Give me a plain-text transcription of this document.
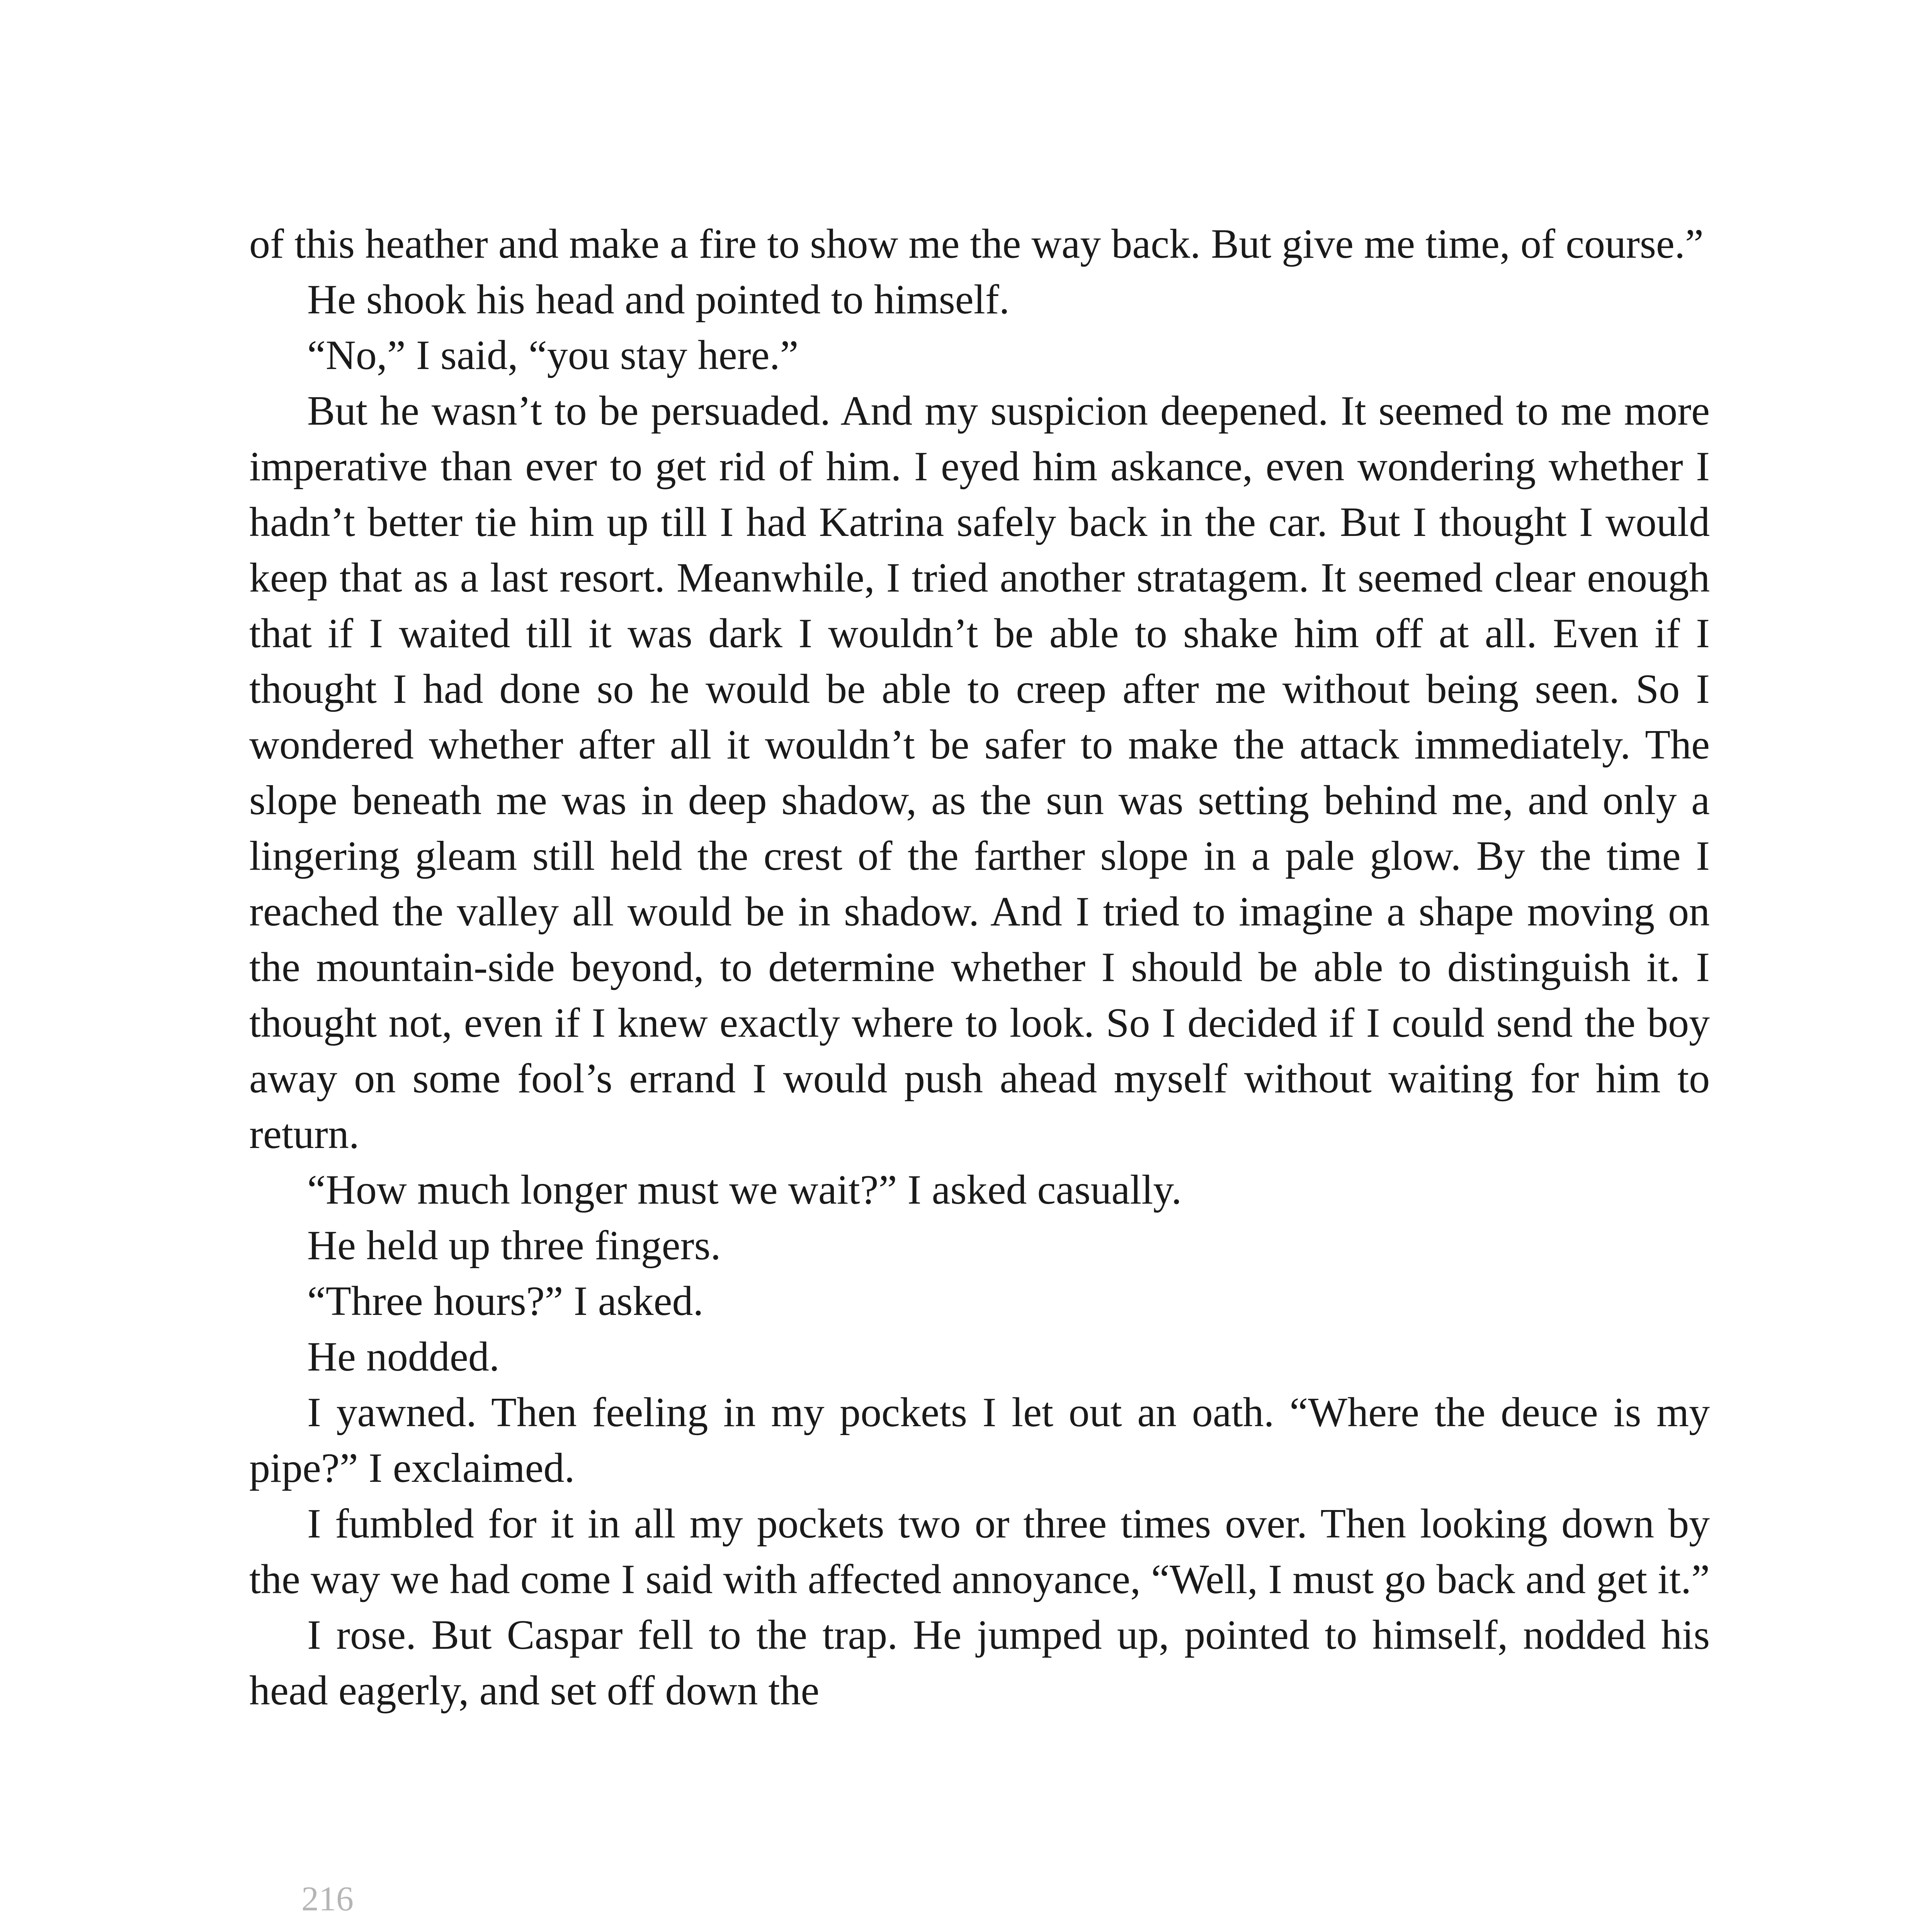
of this heather and make a fire to show me the way back. But give me time, of course.”

He shook his head and pointed to himself.

“No,” I said, “you stay here.”

But he wasn’t to be persuaded. And my suspicion deepened. It seemed to me more imperative than ever to get rid of him. I eyed him askance, even wondering whether I hadn’t better tie him up till I had Katrina safely back in the car. But I thought I would keep that as a last resort. Meanwhile, I tried another stratagem. It seemed clear enough that if I waited till it was dark I wouldn’t be able to shake him off at all. Even if I thought I had done so he would be able to creep after me without being seen. So I wondered whether after all it wouldn’t be safer to make the attack immediately. The slope beneath me was in deep shadow, as the sun was setting behind me, and only a lingering gleam still held the crest of the farther slope in a pale glow. By the time I reached the valley all would be in shadow. And I tried to imagine a shape moving on the mountain-side beyond, to determine whether I should be able to distinguish it. I thought not, even if I knew exactly where to look. So I decided if I could send the boy away on some fool’s errand I would push ahead myself without waiting for him to return.

“How much longer must we wait?” I asked casually.

He held up three fingers.

“Three hours?” I asked.

He nodded.

I yawned. Then feeling in my pockets I let out an oath. “Where the deuce is my pipe?” I exclaimed.

I fumbled for it in all my pockets two or three times over. Then looking down by the way we had come I said with affected annoyance, “Well, I must go back and get it.”

I rose. But Caspar fell to the trap. He jumped up, pointed to himself, nodded his head eagerly, and set off down the

216
